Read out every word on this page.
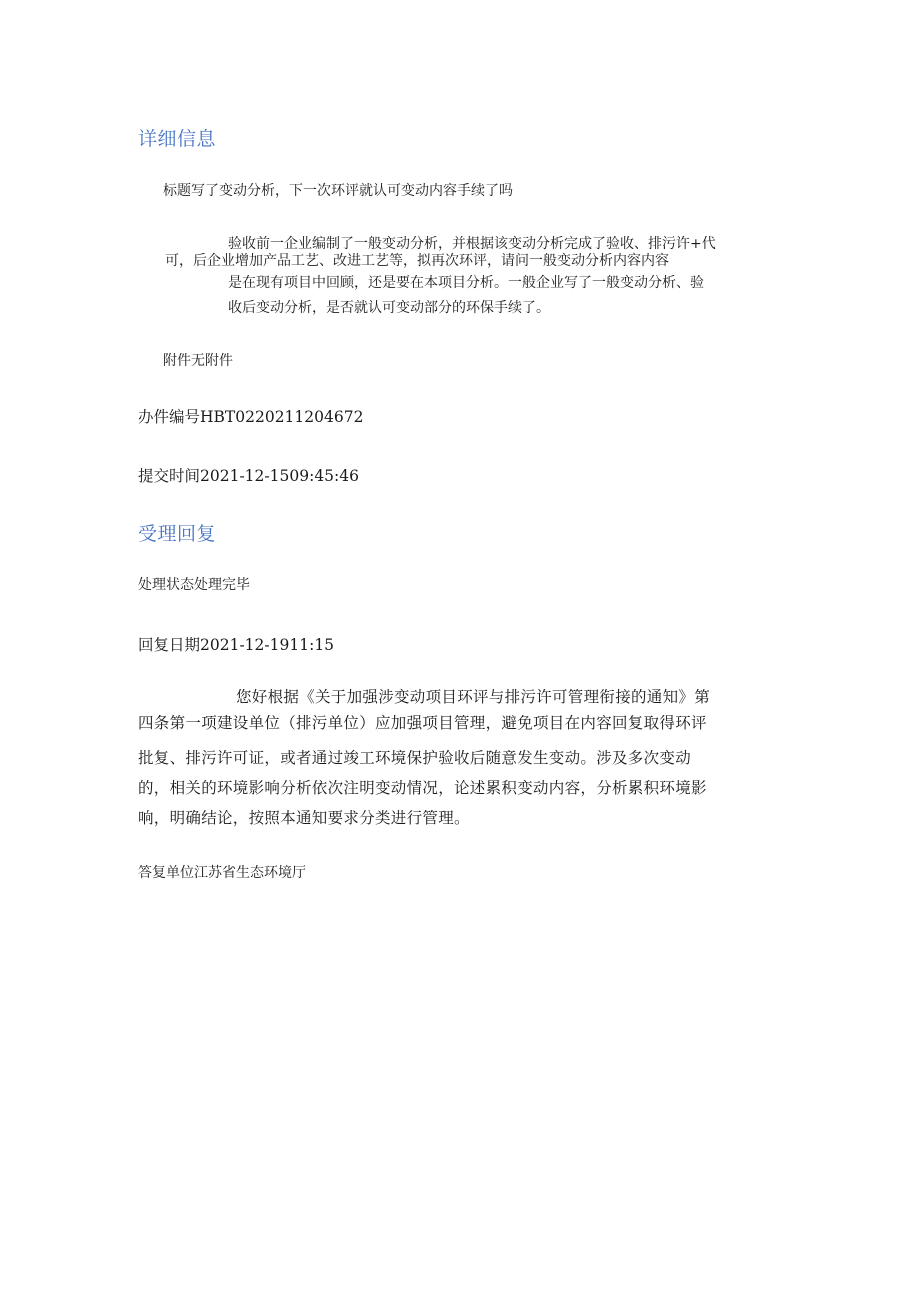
详细信息
标题写了变动分析，下一次环评就认可变动内容手续了吗
验收前一企业编制了一般变动分析，并根据该变动分析完成了验收、排污许+代
可，后企业增加产品工艺、改进工艺等，拟再次环评，请问一般变动分析内容内容
是在现有项目中回顾，还是要在本项目分析。一般企业写了一般变动分析、验
收后变动分析，是否就认可变动部分的环保手续了。
附件无附件
办件编号HBT0220211204672
提交时间2021-12-1509:45:46
受理回复
处理状态处理完毕
回复日期2021-12-1911:15
您好根据《关于加强涉变动项目环评与排污许可管理衔接的通知》第
四条第一项建设单位（排污单位）应加强项目管理，避免项目在内容回复取得环评
批复、排污许可证，或者通过竣工环境保护验收后随意发生变动。涉及多次变动
的，相关的环境影响分析依次注明变动情况，论述累积变动内容，分析累积环境影
响，明确结论，按照本通知要求分类进行管理。
答复单位江苏省生态环境厅
